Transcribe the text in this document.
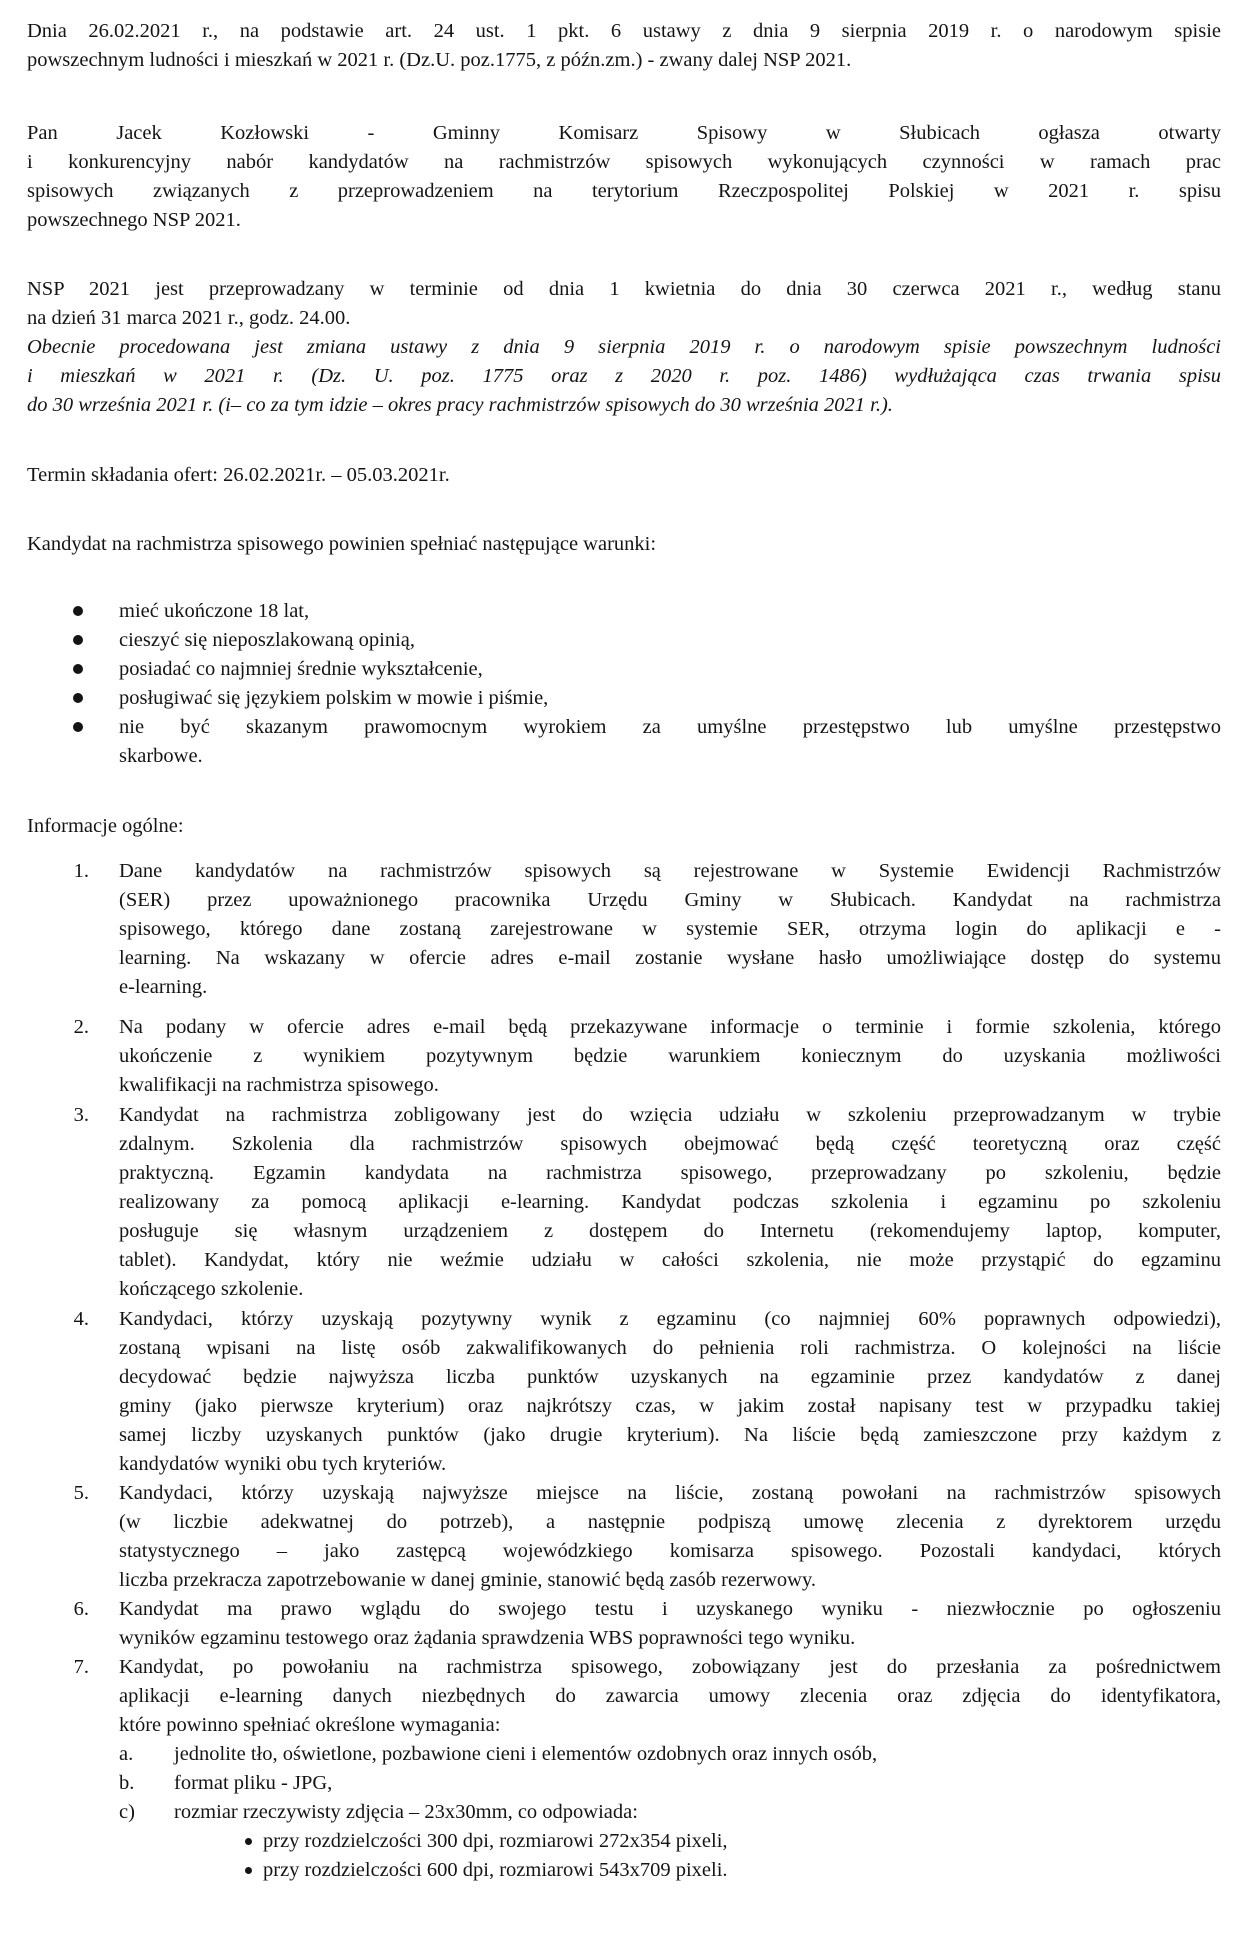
Dnia 26.02.2021 r., na podstawie art. 24 ust. 1 pkt. 6 ustawy z dnia 9 sierpnia 2019 r. o narodowym spisie
powszechnym ludności i mieszkań w 2021 r. (Dz.U. poz.1775, z późn.zm.) - zwany dalej NSP 2021.
Pan Jacek Kozłowski - Gminny Komisarz Spisowy w Słubicach ogłasza otwarty
i konkurencyjny nabór kandydatów na rachmistrzów spisowych wykonujących czynności w ramach prac
spisowych związanych z przeprowadzeniem na terytorium Rzeczpospolitej Polskiej w 2021 r. spisu
powszechnego NSP 2021.
NSP 2021 jest przeprowadzany w terminie od dnia 1 kwietnia do dnia 30 czerwca 2021 r., według stanu
na dzień 31 marca 2021 r., godz. 24.00.
Obecnie procedowana jest zmiana ustawy z dnia 9 sierpnia 2019 r. o narodowym spisie powszechnym ludności
i mieszkań w 2021 r. (Dz. U. poz. 1775 oraz z 2020 r. poz. 1486) wydłużająca czas trwania spisu
do 30 września 2021 r. (i– co za tym idzie – okres pracy rachmistrzów spisowych do 30 września 2021 r.).
Termin składania ofert: 26.02.2021r. – 05.03.2021r.
Kandydat na rachmistrza spisowego powinien spełniać następujące warunki:
mieć ukończone 18 lat,
cieszyć się nieposzlakowaną opinią,
posiadać co najmniej średnie wykształcenie,
posługiwać się językiem polskim w mowie i piśmie,
nie być skazanym prawomocnym wyrokiem za umyślne przestępstwo lub umyślne przestępstwo
skarbowe.
Informacje ogólne:
1. Dane kandydatów na rachmistrzów spisowych są rejestrowane w Systemie Ewidencji Rachmistrzów
(SER) przez upoważnionego pracownika Urzędu Gminy w Słubicach. Kandydat na rachmistrza
spisowego, którego dane zostaną zarejestrowane w systemie SER, otrzyma login do aplikacji e -
learning. Na wskazany w ofercie adres e-mail zostanie wysłane hasło umożliwiające dostęp do systemu
e-learning.
2. Na podany w ofercie adres e-mail będą przekazywane informacje o terminie i formie szkolenia, którego
ukończenie z wynikiem pozytywnym będzie warunkiem koniecznym do uzyskania możliwości
kwalifikacji na rachmistrza spisowego.
3. Kandydat na rachmistrza zobligowany jest do wzięcia udziału w szkoleniu przeprowadzanym w trybie
zdalnym. Szkolenia dla rachmistrzów spisowych obejmować będą część teoretyczną oraz część
praktyczną. Egzamin kandydata na rachmistrza spisowego, przeprowadzany po szkoleniu, będzie
realizowany za pomocą aplikacji e-learning. Kandydat podczas szkolenia i egzaminu po szkoleniu
posługuje się własnym urządzeniem z dostępem do Internetu (rekomendujemy laptop, komputer,
tablet). Kandydat, który nie weźmie udziału w całości szkolenia, nie może przystąpić do egzaminu
kończącego szkolenie.
4. Kandydaci, którzy uzyskają pozytywny wynik z egzaminu (co najmniej 60% poprawnych odpowiedzi),
zostaną wpisani na listę osób zakwalifikowanych do pełnienia roli rachmistrza. O kolejności na liście
decydować będzie najwyższa liczba punktów uzyskanych na egzaminie przez kandydatów z danej
gminy (jako pierwsze kryterium) oraz najkrótszy czas, w jakim został napisany test w przypadku takiej
samej liczby uzyskanych punktów (jako drugie kryterium). Na liście będą zamieszczone przy każdym z
kandydatów wyniki obu tych kryteriów.
5. Kandydaci, którzy uzyskają najwyższe miejsce na liście, zostaną powołani na rachmistrzów spisowych
(w liczbie adekwatnej do potrzeb), a następnie podpiszą umowę zlecenia z dyrektorem urzędu
statystycznego – jako zastępcą wojewódzkiego komisarza spisowego. Pozostali kandydaci, których
liczba przekracza zapotrzebowanie w danej gminie, stanowić będą zasób rezerwowy.
6. Kandydat ma prawo wglądu do swojego testu i uzyskanego wyniku - niezwłocznie po ogłoszeniu
wyników egzaminu testowego oraz żądania sprawdzenia WBS poprawności tego wyniku.
7. Kandydat, po powołaniu na rachmistrza spisowego, zobowiązany jest do przesłania za pośrednictwem
aplikacji e-learning danych niezbędnych do zawarcia umowy zlecenia oraz zdjęcia do identyfikatora,
które powinno spełniać określone wymagania:
a. jednolite tło, oświetlone, pozbawione cieni i elementów ozdobnych oraz innych osób,
b. format pliku - JPG,
c) rozmiar rzeczywisty zdjęcia – 23x30mm, co odpowiada:
przy rozdzielczości 300 dpi, rozmiarowi 272x354 pixeli,
przy rozdzielczości 600 dpi, rozmiarowi 543x709 pixeli.
